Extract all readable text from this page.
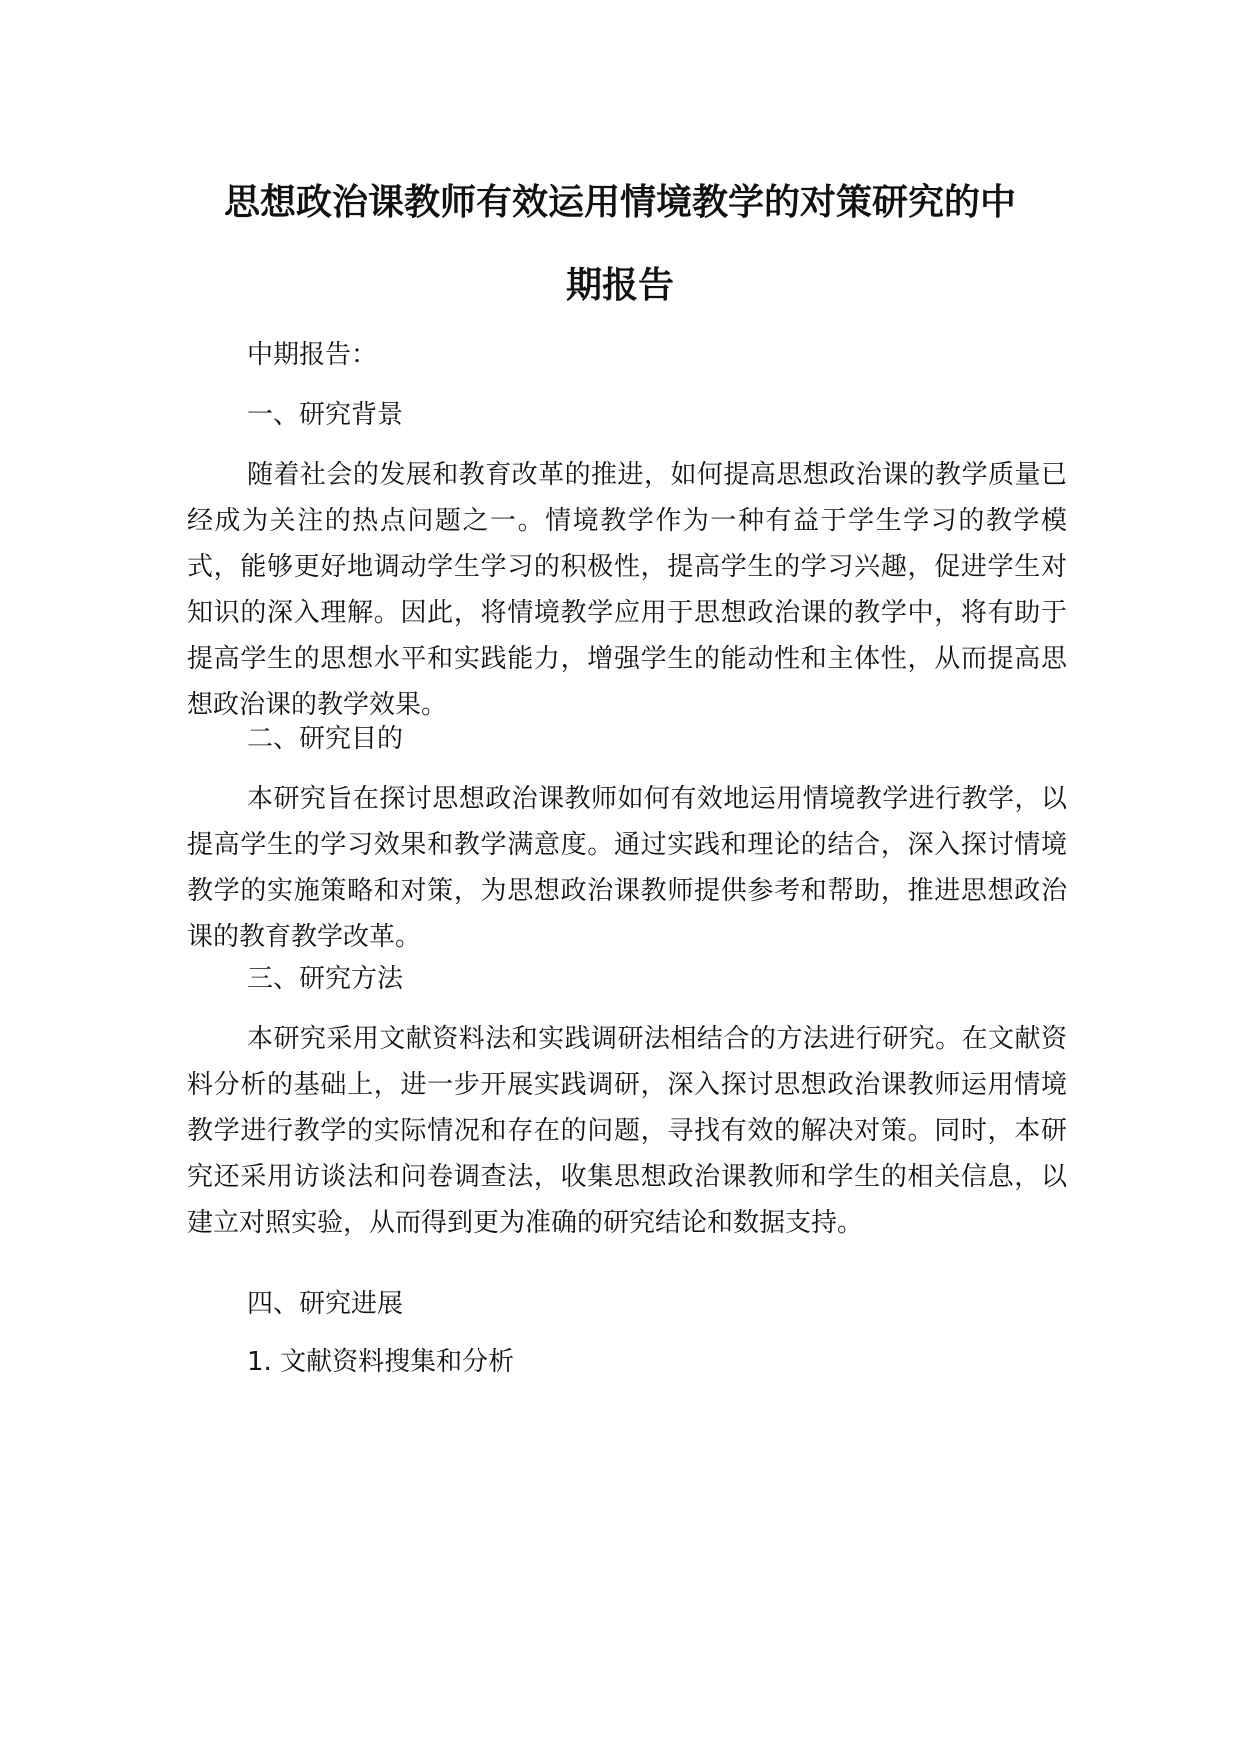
思想政治课教师有效运用情境教学的对策研究的中
期报告
中期报告：
一、研究背景

随着社会的发展和教育改革的推进，如何提高思想政治课的教学质量已经成为关注的热点问题之一。情境教学作为一种有益于学生学习的教学模式，能够更好地调动学生学习的积极性，提高学生的学习兴趣，促进学生对知识的深入理解。因此，将情境教学应用于思想政治课的教学中，将有助于提高学生的思想水平和实践能力，增强学生的能动性和主体性，从而提高思想政治课的教学效果。

二、研究目的

本研究旨在探讨思想政治课教师如何有效地运用情境教学进行教学，以提高学生的学习效果和教学满意度。通过实践和理论的结合，深入探讨情境教学的实施策略和对策，为思想政治课教师提供参考和帮助，推进思想政治课的教育教学改革。

三、研究方法

本研究采用文献资料法和实践调研法相结合的方法进行研究。在文献资料分析的基础上，进一步开展实践调研，深入探讨思想政治课教师运用情境教学进行教学的实际情况和存在的问题，寻找有效的解决对策。同时，本研究还采用访谈法和问卷调查法，收集思想政治课教师和学生的相关信息，以建立对照实验，从而得到更为准确的研究结论和数据支持。

四、研究进展
1. 文献资料搜集和分析
